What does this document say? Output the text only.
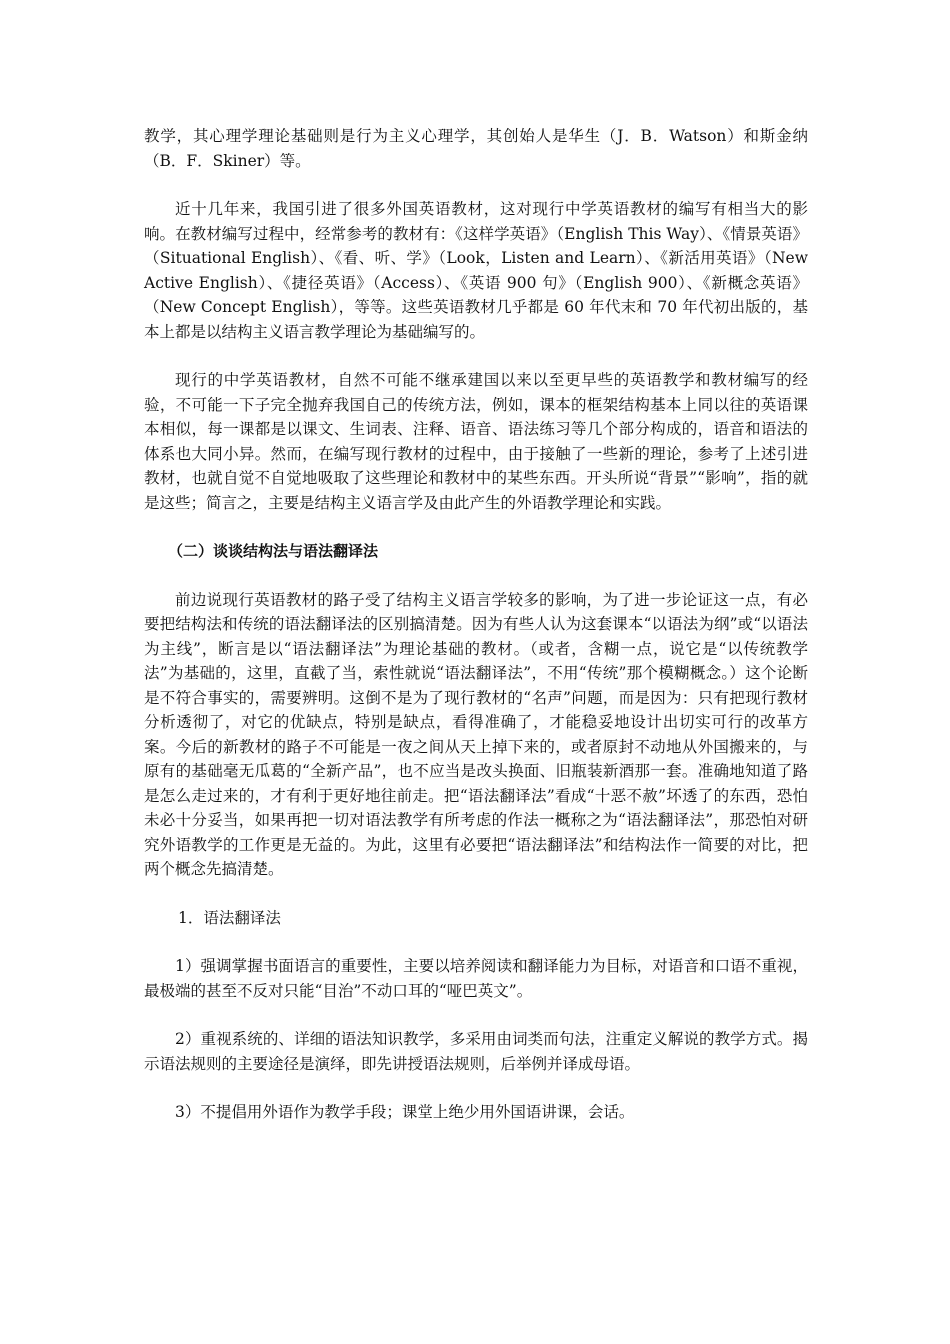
教学，其心理学理论基础则是行为主义心理学，其创始人是华生（J．B．Watson）和斯金纳（B．F．Skiner）等。

近十几年来，我国引进了很多外国英语教材，这对现行中学英语教材的编写有相当大的影响。在教材编写过程中，经常参考的教材有：《这样学英语》（English This Way）、《情景英语》（Situational English）、《看、听、学》（Look，Listen and Learn）、《新活用英语》（New Active English）、《捷径英语》（Access）、《英语 900 句》（English 900）、《新概念英语》（New Concept English），等等。这些英语教材几乎都是 60 年代末和 70 年代初出版的，基本上都是以结构主义语言教学理论为基础编写的。

现行的中学英语教材，自然不可能不继承建国以来以至更早些的英语教学和教材编写的经验，不可能一下子完全抛弃我国自己的传统方法，例如，课本的框架结构基本上同以往的英语课本相似，每一课都是以课文、生词表、注释、语音、语法练习等几个部分构成的，语音和语法的体系也大同小异。然而，在编写现行教材的过程中，由于接触了一些新的理论，参考了上述引进教材，也就自觉不自觉地吸取了这些理论和教材中的某些东西。开头所说“背景”“影响”，指的就是这些；简言之，主要是结构主义语言学及由此产生的外语教学理论和实践。

（二）谈谈结构法与语法翻译法

前边说现行英语教材的路子受了结构主义语言学较多的影响，为了进一步论证这一点，有必要把结构法和传统的语法翻译法的区别搞清楚。因为有些人认为这套课本“以语法为纲”或“以语法为主线”，断言是以“语法翻译法”为理论基础的教材。（或者，含糊一点，说它是“以传统教学法”为基础的，这里，直截了当，索性就说“语法翻译法”，不用“传统”那个模糊概念。）这个论断是不符合事实的，需要辨明。这倒不是为了现行教材的“名声”问题，而是因为：只有把现行教材分析透彻了，对它的优缺点，特别是缺点，看得准确了，才能稳妥地设计出切实可行的改革方案。今后的新教材的路子不可能是一夜之间从天上掉下来的，或者原封不动地从外国搬来的，与原有的基础毫无瓜葛的“全新产品”，也不应当是改头换面、旧瓶装新酒那一套。准确地知道了路是怎么走过来的，才有利于更好地往前走。把“语法翻译法”看成“十恶不赦”坏透了的东西，恐怕未必十分妥当，如果再把一切对语法教学有所考虑的作法一概称之为“语法翻译法”，那恐怕对研究外语教学的工作更是无益的。为此，这里有必要把“语法翻译法”和结构法作一简要的对比，把两个概念先搞清楚。

1．语法翻译法

1）强调掌握书面语言的重要性，主要以培养阅读和翻译能力为目标，对语音和口语不重视，最极端的甚至不反对只能“目治”不动口耳的“哑巴英文”。

2）重视系统的、详细的语法知识教学，多采用由词类而句法，注重定义解说的教学方式。揭示语法规则的主要途径是演绎，即先讲授语法规则，后举例并译成母语。

3）不提倡用外语作为教学手段；课堂上绝少用外国语讲课，会话。
